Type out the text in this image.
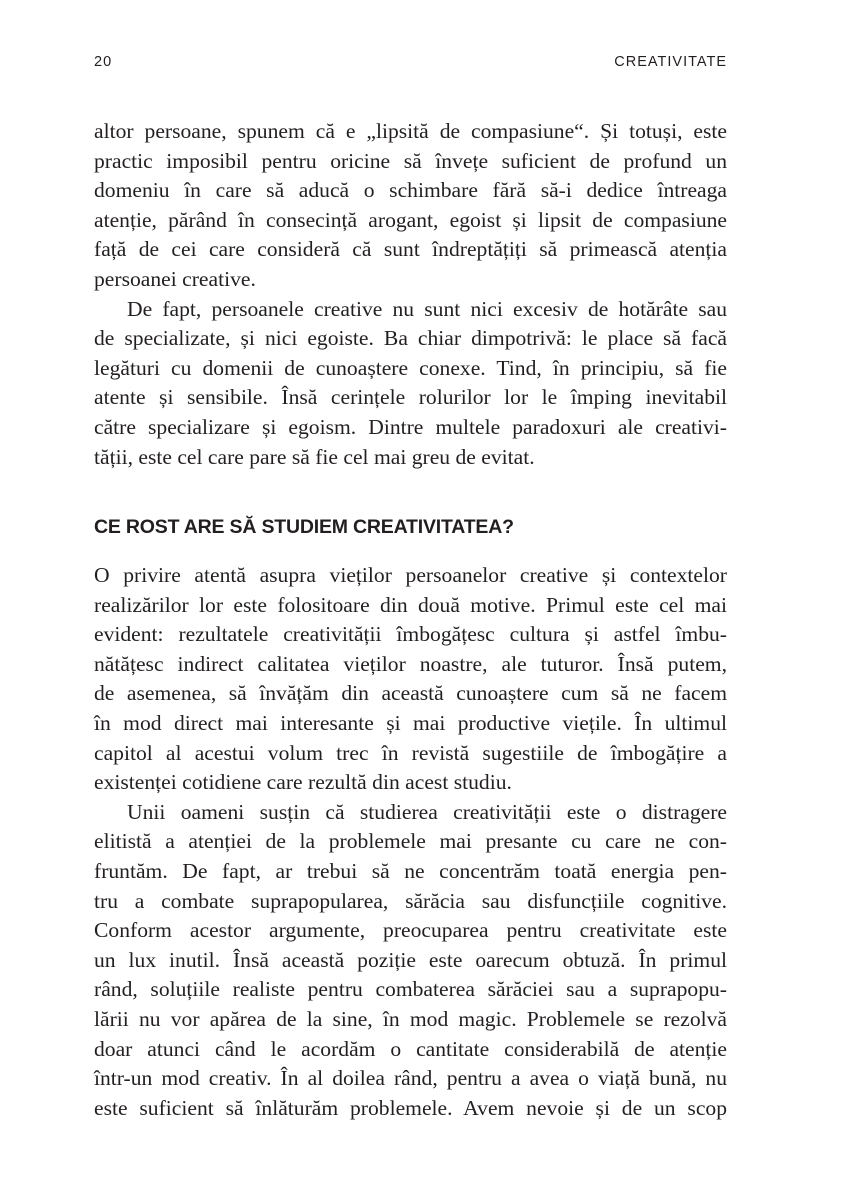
20	CREATIVITATE

altor persoane, spunem că e „lipsită de compasiune“. Și totuși, este
practic imposibil pentru oricine să învețe suficient de profund un
domeniu în care să aducă o schimbare fără să-i dedice întreaga
atenție, părând în consecință arogant, egoist și lipsit de compasiune
față de cei care consideră că sunt îndreptățiți să primească atenția
persoanei creative.

De fapt, persoanele creative nu sunt nici excesiv de hotărâte sau
de specializate, și nici egoiste. Ba chiar dimpotrivă: le place să facă
legături cu domenii de cunoaștere conexe. Tind, în principiu, să fie
atente și sensibile. Însă cerințele rolurilor lor le împing inevitabil
către specializare și egoism. Dintre multele paradoxuri ale creativi-
tății, este cel care pare să fie cel mai greu de evitat.

CE ROST ARE SĂ STUDIEM CREATIVITATEA?

O privire atentă asupra vieților persoanelor creative și contextelor
realizărilor lor este folositoare din două motive. Primul este cel mai
evident: rezultatele creativității îmbogățesc cultura și astfel îmbu-
nătățesc indirect calitatea vieților noastre, ale tuturor. Însă putem,
de asemenea, să învățăm din această cunoaștere cum să ne facem
în mod direct mai interesante și mai productive viețile. În ultimul
capitol al acestui volum trec în revistă sugestiile de îmbogățire a
existenței cotidiene care rezultă din acest studiu.

Unii oameni susțin că studierea creativității este o distragere
elitistă a atenției de la problemele mai presante cu care ne con-
fruntăm. De fapt, ar trebui să ne concentrăm toată energia pen-
tru a combate suprapopularea, sărăcia sau disfuncțiile cognitive.
Conform acestor argumente, preocuparea pentru creativitate este
un lux inutil. Însă această poziție este oarecum obtuză. În primul
rând, soluțiile realiste pentru combaterea sărăciei sau a suprapopu-
lării nu vor apărea de la sine, în mod magic. Problemele se rezolvă
doar atunci când le acordăm o cantitate considerabilă de atenție
într-un mod creativ. În al doilea rând, pentru a avea o viață bună, nu
este suficient să înlăturăm problemele. Avem nevoie și de un scop
